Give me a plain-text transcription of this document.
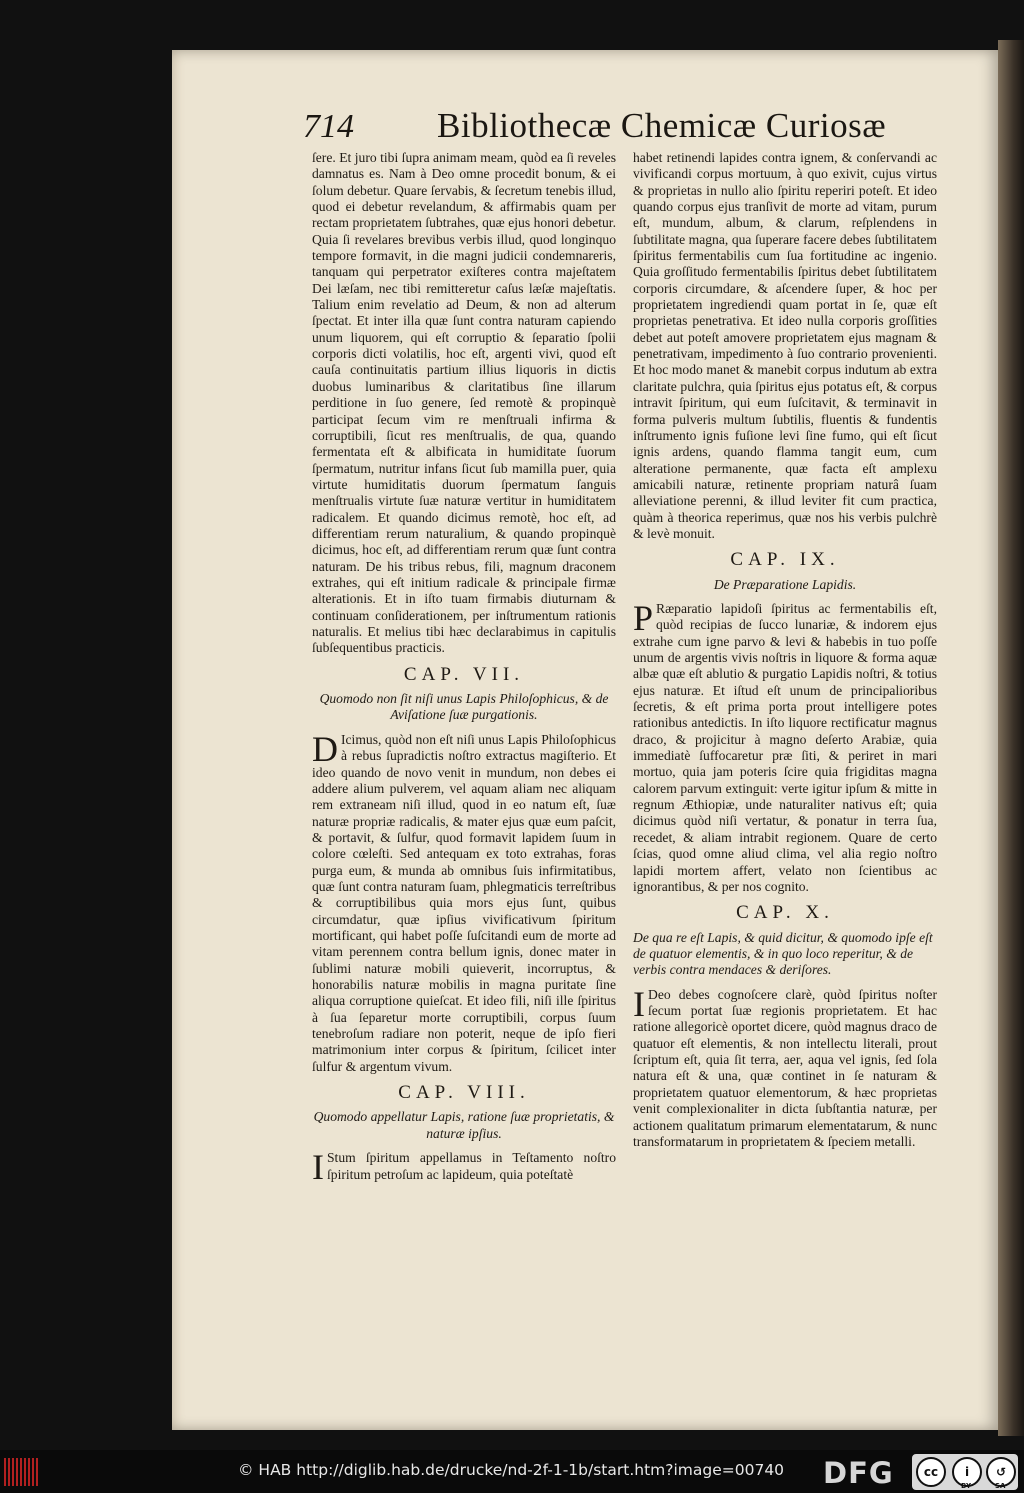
714 Bibliothecæ Chemicæ Curiosæ

ſere. Et juro tibi ſupra animam meam, quòd ea ſi reveles damnatus es. Nam à Deo omne procedit bonum, & ei ſolum debetur. Quare ſervabis, & ſecretum tenebis illud, quod ei debetur revelandum, & affirmabis quam per rectam proprietatem ſubtrahes, quæ ejus honori debetur. Quia ſi revelares brevibus verbis illud, quod longinquo tempore formavit, in die magni judicii condemnareris, tanquam qui perpetrator exiſteres contra majeſtatem Dei læſam, nec tibi remitteretur caſus læſæ majeſtatis. Talium enim revelatio ad Deum, & non ad alterum ſpectat. Et inter illa quæ ſunt contra naturam capiendo unum liquorem, qui eſt corruptio & ſeparatio ſpolii corporis dicti volatilis, hoc eſt, argenti vivi, quod eſt cauſa continuitatis partium illius liquoris in dictis duobus luminaribus & claritatibus ſine illarum perditione in ſuo genere, ſed remotè & propinquè participat ſecum vim re menſtruali infirma & corruptibili, ſicut res menſtrualis, de qua, quando fermentata eſt & albificata in humiditate ſuorum ſpermatum, nutritur infans ſicut ſub mamilla puer, quia virtute humiditatis duorum ſpermatum ſanguis menſtrualis virtute ſuæ naturæ vertitur in humiditatem radicalem. Et quando dicimus remotè, hoc eſt, ad differentiam rerum naturalium, & quando propinquè dicimus, hoc eſt, ad differentiam rerum quæ ſunt contra naturam. De his tribus rebus, fili, magnum draconem extrahes, qui eſt initium radicale & principale firmæ alterationis. Et in iſto tuam firmabis diuturnam & continuam conſiderationem, per inſtrumentum rationis naturalis. Et melius tibi hæc declarabimus in capitulis ſubſequentibus practicis.

CAP. VII.
Quomodo non ſit niſi unus Lapis Philoſophicus, & de Aviſatione ſuæ purgationis.

D Icimus, quòd non eſt niſi unus Lapis Philoſophicus à rebus ſupradictis noſtro extractus magiſterio. Et ideo quando de novo venit in mundum, non debes ei addere alium pulverem, vel aquam aliam nec aliquam rem extraneam niſi illud, quod in eo natum eſt, ſuæ naturæ propriæ radicalis, & mater ejus quæ eum paſcit, & portavit, & ſulfur, quod formavit lapidem ſuum in colore cœleſti. Sed antequam ex toto extrahas, foras purga eum, & munda ab omnibus ſuis infirmitatibus, quæ ſunt contra naturam ſuam, phlegmaticis terreſtribus & corruptibilibus quia mors ejus ſunt, quibus circumdatur, quæ ipſius vivificativum ſpiritum mortificant, qui habet poſſe ſuſcitandi eum de morte ad vitam perennem contra bellum ignis, donec mater in ſublimi naturæ mobili quieverit, incorruptus, & honorabilis naturæ mobilis in magna puritate ſine aliqua corruptione quieſcat. Et ideo fili, niſi ille ſpiritus à ſua ſeparetur morte corruptibili, corpus ſuum tenebroſum radiare non poterit, neque de ipſo fieri matrimonium inter corpus & ſpiritum, ſcilicet inter ſulfur & argentum vivum.

CAP. VIII.
Quomodo appellatur Lapis, ratione ſuæ proprietatis, & naturæ ipſius.

I Stum ſpiritum appellamus in Teſtamento noſtro ſpiritum petroſum ac lapideum, quia poteſtatè

habet retinendi lapides contra ignem, & conſervandi ac vivificandi corpus mortuum, à quo exivit, cujus virtus & proprietas in nullo alio ſpiritu reperiri poteſt. Et ideo quando corpus ejus tranſivit de morte ad vitam, purum eſt, mundum, album, & clarum, reſplendens in ſubtilitate magna, qua ſuperare facere debes ſubtilitatem ſpiritus fermentabilis cum ſua fortitudine ac ingenio. Quia groſſitudo fermentabilis ſpiritus debet ſubtilitatem corporis circumdare, & aſcendere ſuper, & hoc per proprietatem ingrediendi quam portat in ſe, quæ eſt proprietas penetrativa. Et ideo nulla corporis groſſities debet aut poteſt amovere proprietatem ejus magnam & penetrativam, impedimento à ſuo contrario provenienti. Et hoc modo manet & manebit corpus indutum ab extra claritate pulchra, quia ſpiritus ejus potatus eſt, & corpus intravit ſpiritum, qui eum ſuſcitavit, & terminavit in forma pulveris multum ſubtilis, fluentis & fundentis inſtrumento ignis fuſione levi ſine fumo, qui eſt ſicut ignis ardens, quando flamma tangit eum, cum alteratione permanente, quæ facta eſt amplexu amicabili naturæ, retinente propriam naturâ ſuam alleviatione perenni, & illud leviter fit cum practica, quàm à theorica reperimus, quæ nos his verbis pulchrè & levè monuit.

CAP. IX.
De Præparatione Lapidis.

P Ræparatio lapidoſi ſpiritus ac fermentabilis eſt, quòd recipias de ſucco lunariæ, & indorem ejus extrahe cum igne parvo & levi & habebis in tuo poſſe unum de argentis vivis noſtris in liquore & forma aquæ albæ quæ eſt ablutio & purgatio Lapidis noſtri, & totius ejus naturæ. Et iſtud eſt unum de principalioribus ſecretis, & eſt prima porta prout intelligere potes rationibus antedictis. In iſto liquore rectificatur magnus draco, & projicitur à magno deſerto Arabiæ, quia immediatè ſuffocaretur præ ſiti, & periret in mari mortuo, quia jam poteris ſcire quia frigiditas magna calorem parvum extinguit: verte igitur ipſum & mitte in regnum Æthiopiæ, unde naturaliter nativus eſt; quia dicimus quòd niſi vertatur, & ponatur in terra ſua, recedet, & aliam intrabit regionem. Quare de certo ſcias, quod omne aliud clima, vel alia regio noſtro lapidi mortem affert, velato non ſcientibus ac ignorantibus, & per nos cognito.

CAP. X.
De qua re eſt Lapis, & quid dicitur, & quomodo ipſe eſt de quatuor elementis, & in quo loco reperitur, & de verbis contra mendaces & deriſores.

I Deo debes cognoſcere clarè, quòd ſpiritus noſter ſecum portat ſuæ regionis proprietatem. Et hac ratione allegoricè oportet dicere, quòd magnus draco de quatuor eſt elementis, & non intellectu literali, prout ſcriptum eſt, quia ſit terra, aer, aqua vel ignis, ſed ſola natura eſt & una, quæ continet in ſe naturam & proprietatem quatuor elementorum, & hæc proprietas venit complexionaliter in dicta ſubſtantia naturæ, per actionem qualitatum primarum elementatarum, & nunc transformatarum in proprietatem & ſpeciem metalli.

© HAB http://diglib.hab.de/drucke/nd-2f-1-1b/start.htm?image=00740 DFG	cc	i	↺
BY	SA
